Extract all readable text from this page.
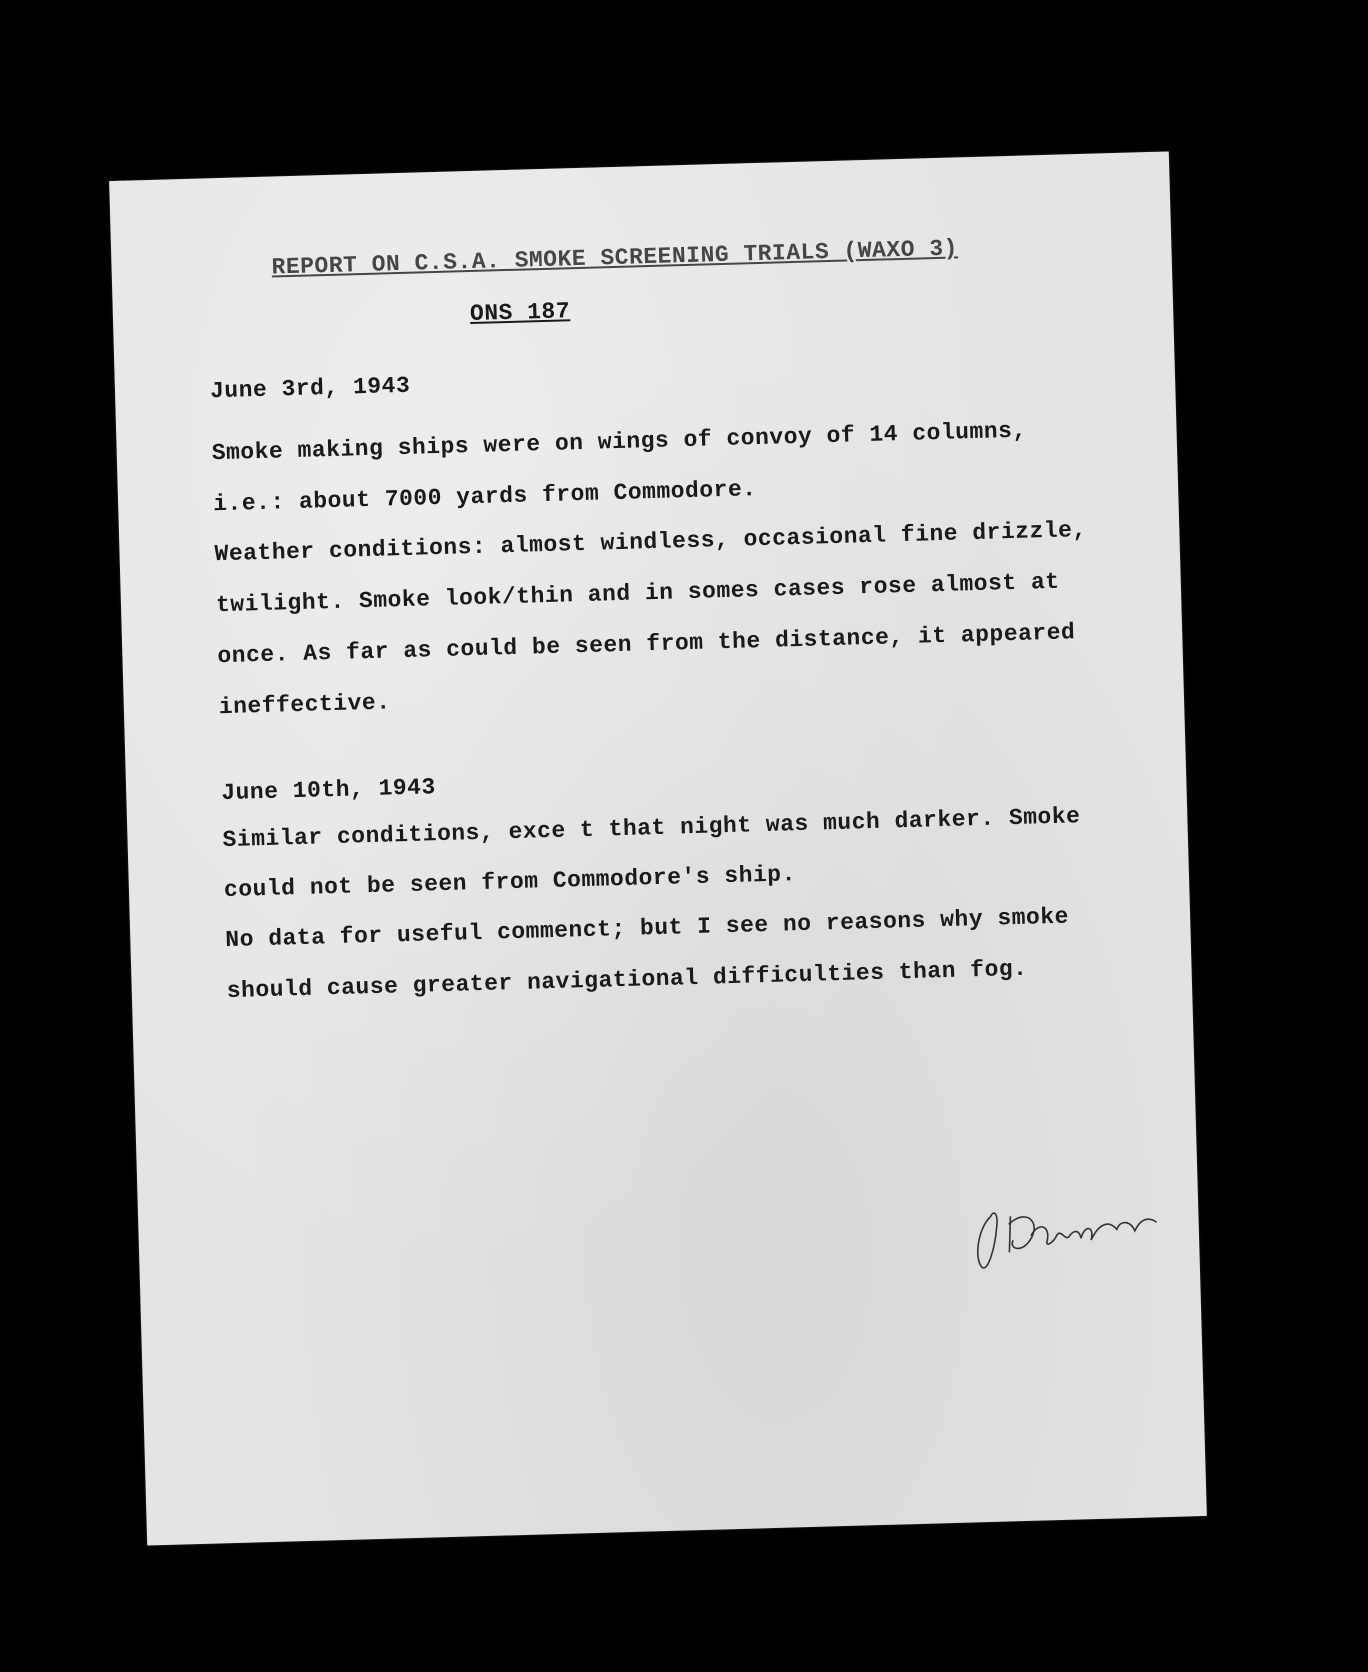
REPORT ON C.S.A. SMOKE SCREENING TRIALS (WAXO 3)
ONS 187
June 3rd, 1943
Smoke making ships were on wings of convoy of 14 columns,
i.e.: about 7000 yards from Commodore.
Weather conditions: almost windless, occasional fine drizzle,
twilight. Smoke look/thin and in somes cases rose almost at
once. As far as could be seen from the distance, it appeared
ineffective.
June 10th, 1943
Similar conditions, exce t that night was much darker. Smoke
could not be seen from Commodore's ship.
No data for useful commenct; but I see no reasons why smoke
should cause greater navigational difficulties than fog.
